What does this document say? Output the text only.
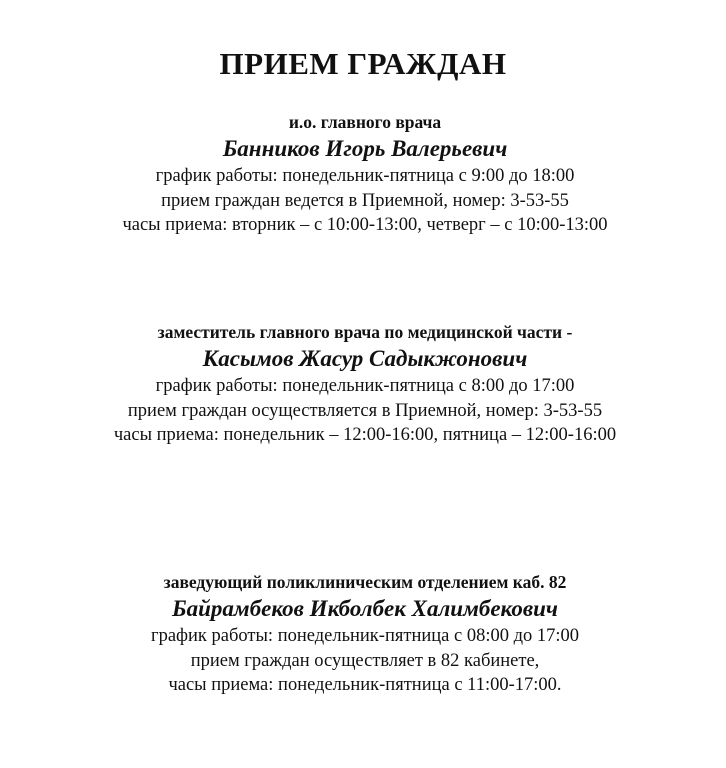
ПРИЕМ ГРАЖДАН
и.о. главного врача
Банников Игорь Валерьевич
график работы: понедельник-пятница с 9:00 до 18:00
прием граждан ведется в Приемной, номер: 3-53-55
часы приема: вторник – с 10:00-13:00, четверг – с 10:00-13:00
заместитель главного врача по медицинской части -
Касымов Жасур Садыкжонович
график работы: понедельник-пятница с 8:00 до 17:00
прием граждан осуществляется в Приемной, номер: 3-53-55
часы приема: понедельник – 12:00-16:00, пятница – 12:00-16:00
заведующий поликлиническим отделением каб. 82
Байрамбеков Икболбек Халимбекович
график работы: понедельник-пятница с 08:00 до 17:00
прием граждан осуществляет в 82 кабинете,
часы приема: понедельник-пятница с 11:00-17:00.
